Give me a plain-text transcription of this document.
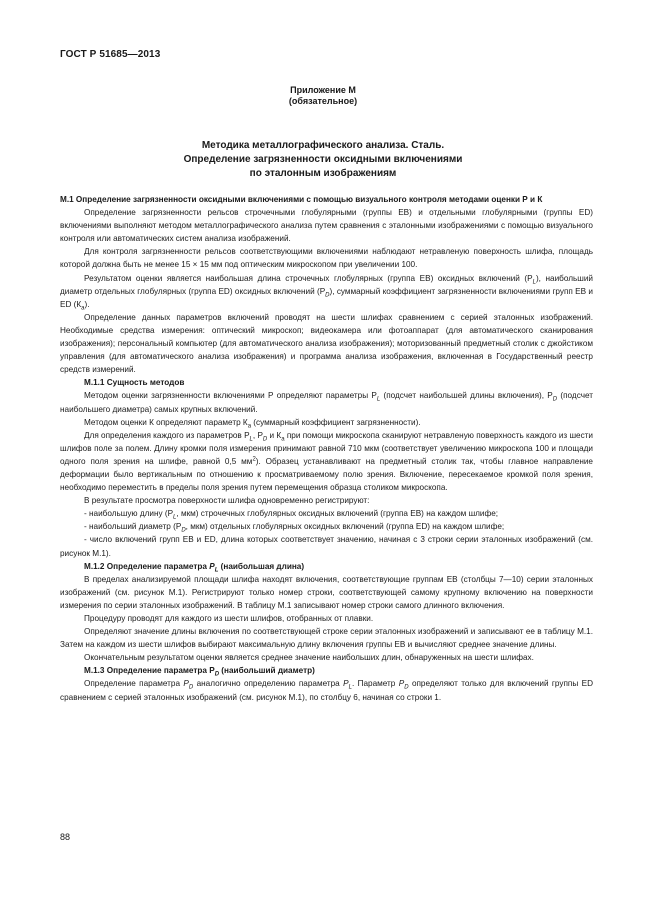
ГОСТ Р 51685—2013
Приложение М
(обязательное)
Методика металлографического анализа. Сталь.
Определение загрязненности оксидными включениями
по эталонным изображениям

М.1 Определение загрязненности оксидными включениями с помощью визуального контроля методами оценки Р и К

Определение загрязненности рельсов строчечными глобулярными (группы ЕВ) и отдельными глобулярными (группы ED) включениями выполняют методом металлографического анализа путем сравнения с эталонными изображениями с помощью визуального контроля или автоматических систем анализа изображений.

Для контроля загрязненности рельсов соответствующими включениями наблюдают нетравленую поверхность шлифа, площадь которой должна быть не менее 15 × 15 мм под оптическим микроскопом при увеличении 100.

Результатом оценки является наибольшая длина строчечных глобулярных (группа ЕВ) оксидных включений $(P_L)$, наибольший диаметр отдельных глобулярных (группа ED) оксидных включений $(P_D)$, суммарный коэффициент загрязненности включениями групп ЕВ и ED $(К_а)$.

Определение данных параметров включений проводят на шести шлифах сравнением с серией эталонных изображений. Необходимые средства измерения: оптический микроскоп; видеокамера или фотоаппарат (для автоматического сканирования изображения); персональный компьютер (для автоматического анализа изображения); моторизованный предметный столик с джойстиком управления (для автоматического анализа изображения) и программа анализа изображения, включенная в Государственный реестр средств измерений.

М.1.1 Сущность методов

Методом оценки загрязненности включениями Р определяют параметры $P_L$ (подсчет наибольшей длины включения), $P_D$ (подсчет наибольшего диаметра) самых крупных включений.

Методом оценки К определяют параметр $К_а$ (суммарный коэффициент загрязненности).

Для определения каждого из параметров $P_L$, $P_D$ и $К_а$ при помощи микроскопа сканируют нетравленую поверхность каждого из шести шлифов поле за полем. Длину кромки поля измерения принимают равной 710 мкм (соответствует увеличению микроскопа 100 и площади одного поля зрения на шлифе, равной 0,5 $мм^2$). Образец устанавливают на предметный столик так, чтобы главное направление деформации было вертикальным по отношению к просматриваемому полю зрения. Включение, пересекаемое кромкой поля зрения, необходимо переместить в пределы поля зрения путем перемещения образца столиком микроскопа.

В результате просмотра поверхности шлифа одновременно регистрируют:

- наибольшую длину ($P_L$, мкм) строчечных глобулярных оксидных включений (группа ЕВ) на каждом шлифе;

- наибольший диаметр ($P_D$, мкм) отдельных глобулярных оксидных включений (группа ED) на каждом шлифе;

- число включений групп ЕВ и ED, длина которых соответствует значению, начиная с 3 строки серии эталонных изображений (см. рисунок М.1).

М.1.2 Определение параметра $P_L$ (наибольшая длина)

В пределах анализируемой площади шлифа находят включения, соответствующие группам ЕВ (столбцы 7—10) серии эталонных изображений (см. рисунок М.1). Регистрируют только номер строки, соответствующей самому крупному включению на поверхности измерения по серии эталонных изображений. В таблицу М.1 записывают номер строки самого длинного включения.

Процедуру проводят для каждого из шести шлифов, отобранных от плавки.

Определяют значение длины включения по соответствующей строке серии эталонных изображений и записывают ее в таблицу М.1. Затем на каждом из шести шлифов выбирают максимальную длину включения группы ЕВ и вычисляют среднее значение длины.

Окончательным результатом оценки является среднее значение наибольших длин, обнаруженных на шести шлифах.

М.1.3 Определение параметра $P_D$ (наибольший диаметр)

Определение параметра $P_D$ аналогично определению параметра $P_L$. Параметр $P_D$ определяют только для включений группы ED сравнением с серией эталонных изображений (см. рисунок М.1), по столбцу 6, начиная со строки 1.

88
